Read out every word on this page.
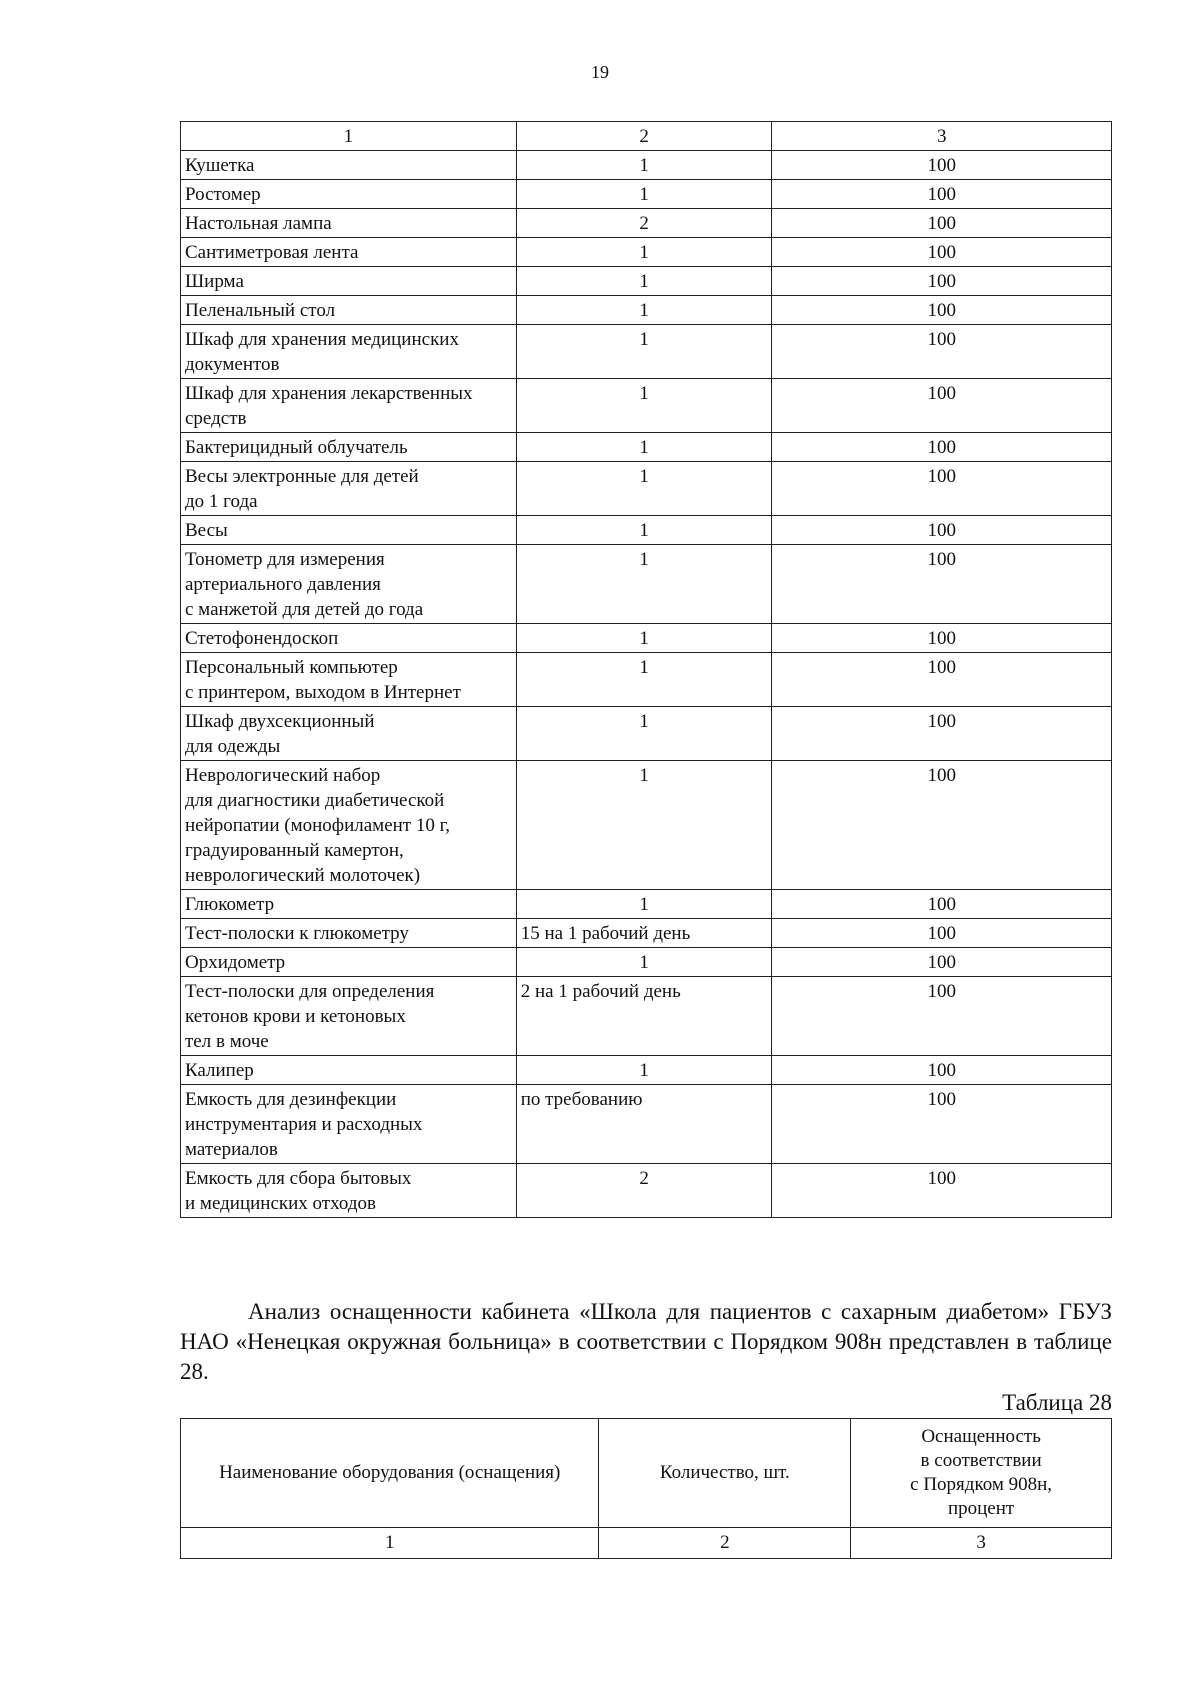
19
1	2	3
Кушетка	1	100
Ростомер	1	100
Настольная лампа	2	100
Сантиметровая лента	1	100
Ширма	1	100
Пеленальный стол	1	100
Шкаф для хранения медицинских
документов	1	100
Шкаф для хранения лекарственных
средств	1	100
Бактерицидный облучатель	1	100
Весы электронные для детей
до 1 года	1	100
Весы	1	100
Тонометр для измерения
артериального давления
с манжетой для детей до года	1	100
Стетофонендоскоп	1	100
Персональный компьютер
с принтером, выходом в Интернет	1	100
Шкаф двухсекционный
для одежды	1	100
Неврологический набор
для диагностики диабетической
нейропатии (монофиламент 10 г,
градуированный камертон,
неврологический молоточек)	1	100
Глюкометр	1	100
Тест-полоски к глюкометру	15 на 1 рабочий день	100
Орхидометр	1	100
Тест-полоски для определения
кетонов крови и кетоновых
тел в моче	2 на 1 рабочий день	100
Калипер	1	100
Емкость для дезинфекции
инструментария и расходных
материалов	по требованию	100
Емкость для сбора бытовых
и медицинских отходов	2	100
Анализ оснащенности кабинета «Школа для пациентов с сахарным диабетом» ГБУЗ НАО «Ненецкая окружная больница» в соответствии с Порядком 908н представлен в таблице 28.
Таблица 28
Наименование оборудования (оснащения)	Количество, шт.	Оснащенность
в соответствии
с Порядком 908н,
процент
1	2	3
